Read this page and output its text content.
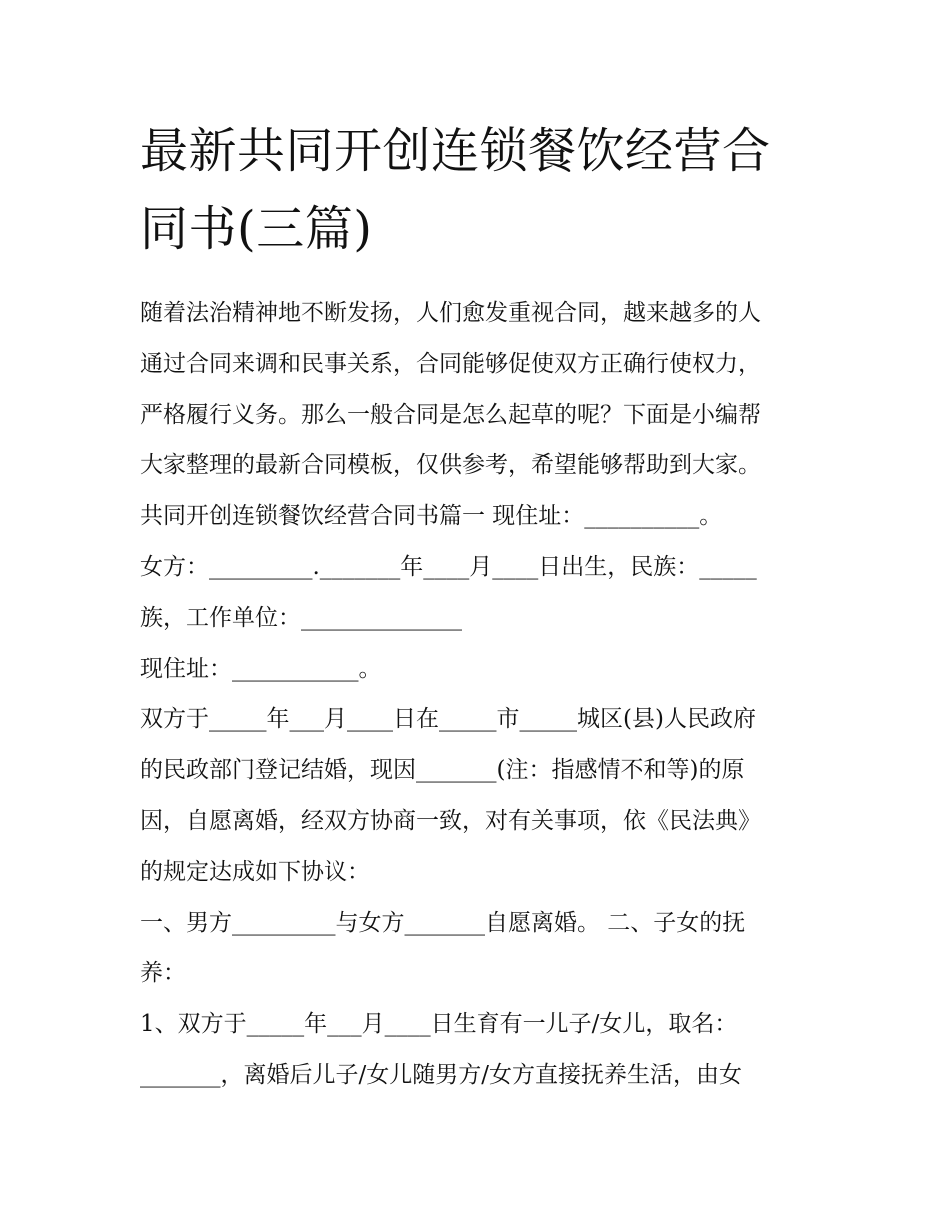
最新共同开创连锁餐饮经营合
同书(三篇)
随着法治精神地不断发扬，人们愈发重视合同，越来越多的人
通过合同来调和民事关系，合同能够促使双方正确行使权力，
严格履行义务。那么一般合同是怎么起草的呢？下面是小编帮
大家整理的最新合同模板，仅供参考，希望能够帮助到大家。
共同开创连锁餐饮经营合同书篇一 现住址：__________。
女方：_________._______年____月____日出生，民族：_____
族，工作单位：______________
现住址：___________。
双方于_____年___月____日在_____市_____城区(县)人民政府
的民政部门登记结婚，现因_______(注：指感情不和等)的原
因，自愿离婚，经双方协商一致，对有关事项，依《民法典》
的规定达成如下协议：
一、男方_________与女方_______自愿离婚。 二、子女的抚
养：
1、双方于_____年___月____日生育有一儿子/女儿，取名：
_______，离婚后儿子/女儿随男方/女方直接抚养生活，由女
